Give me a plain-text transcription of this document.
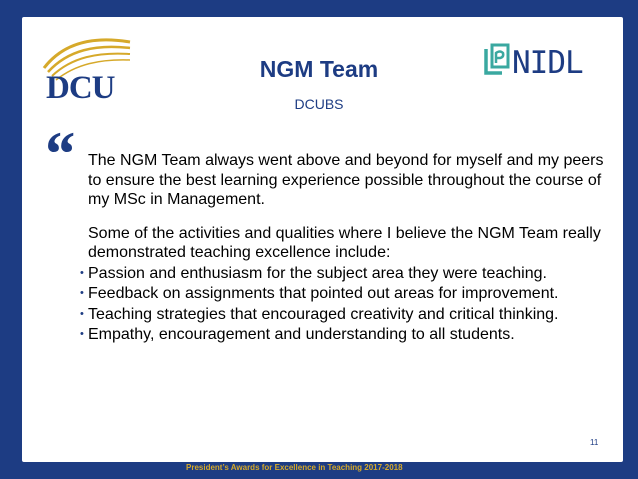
DCU
NIDL
NGM Team
DCUBS
“ The NGM Team always went above and beyond for myself and my peers to ensure the best learning experience possible throughout the course of my MSc in Management.

Some of the activities and qualities where I believe the NGM Team really demonstrated teaching excellence include:

• Passion and enthusiasm for the subject area they were teaching.
• Feedback on assignments that pointed out areas for improvement.
• Teaching strategies that encouraged creativity and critical thinking.
• Empathy, encouragement and understanding to all students.
11
President’s Awards for Excellence in Teaching 2017-2018
